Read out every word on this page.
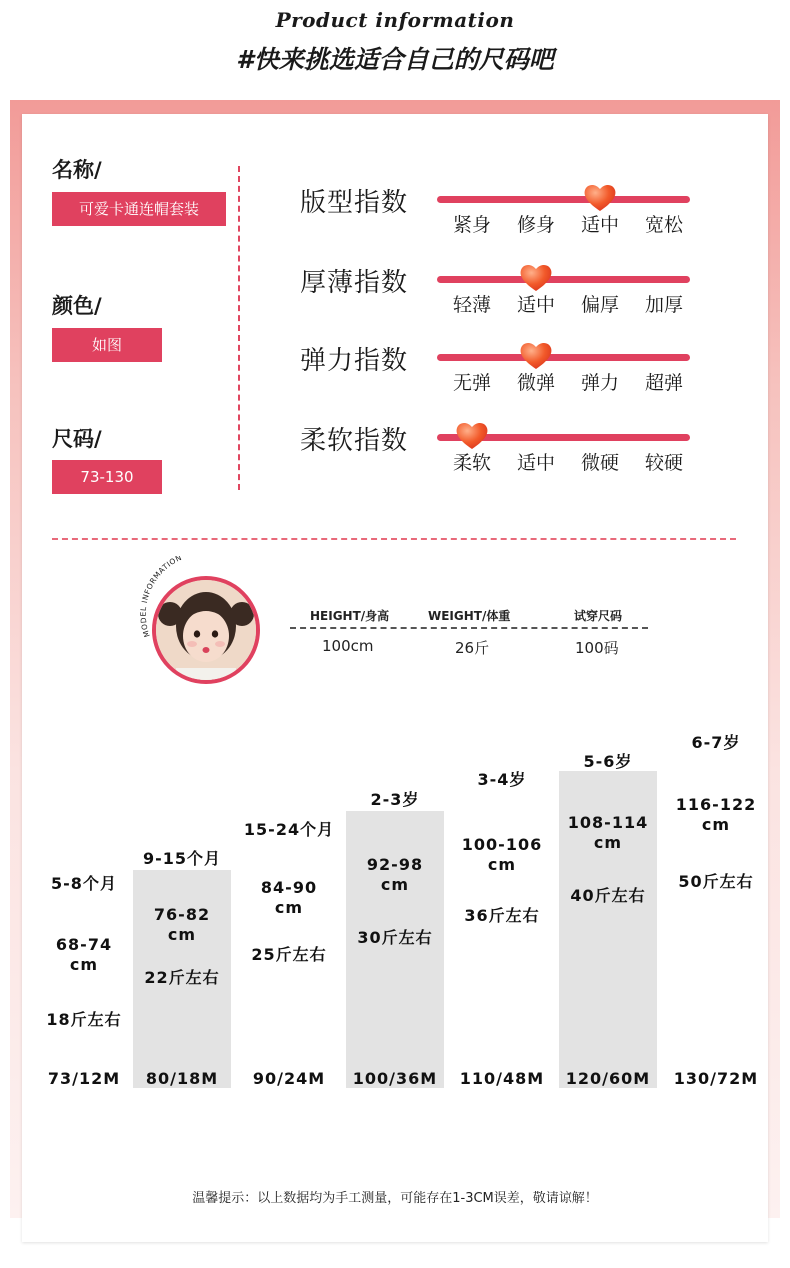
Product information
#快来挑选适合自己的尺码吧
名称/
可爱卡通连帽套装
颜色/
如图
尺码/
73-130
版型指数
紧身	修身	适中	宽松
厚薄指数
轻薄	适中	偏厚	加厚
弹力指数
无弹	微弹	弹力	超弹
柔软指数
柔软	适中	微硬	较硬
MODEL INFORMATION
HEIGHT/身高	WEIGHT/体重	试穿尺码
100cm	26斤	100码
5-8个月
68-74
cm
18斤左右
73/12M
9-15个月
76-82
cm
22斤左右
80/18M
15-24个月
84-90
cm
25斤左右
90/24M
2-3岁
92-98
cm
30斤左右
100/36M
3-4岁
100-106
cm
36斤左右
110/48M
5-6岁
108-114
cm
40斤左右
120/60M
6-7岁
116-122
cm
50斤左右
130/72M
温馨提示：以上数据均为手工测量，可能存在1-3CM误差，敬请谅解！
